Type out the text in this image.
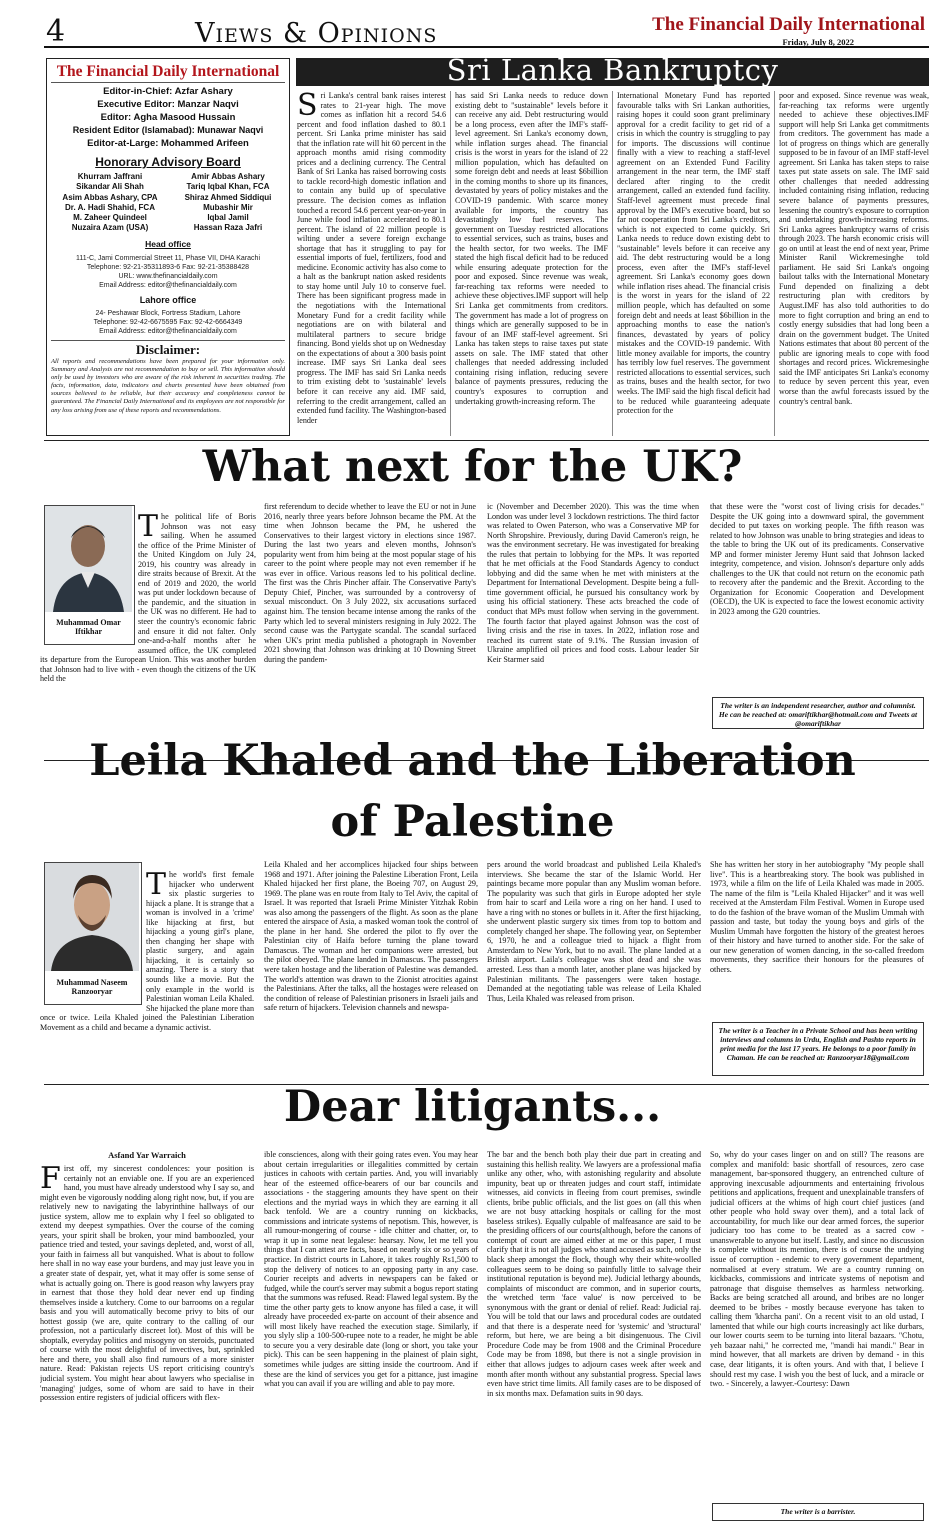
4	Views & Opinions	The Financial Daily International
Friday, July 8, 2022
The Financial Daily International
Editor-in-Chief: Azfar Ashary
Executive Editor: Manzar Naqvi
Editor: Agha Masood Hussain
Resident Editor (Islamabad): Munawar Naqvi
Editor-at-Large: Mohammed Arifeen
Honorary Advisory Board
Khurram Jaffrani
Sikandar Ali Shah
Asim Abbas Ashary, CPA
Dr. A. Hadi Shahid, FCA
M. Zaheer Quindeel
Nuzaira Azam (USA)
Amir Abbas Ashary
Tariq Iqbal Khan, FCA
Shiraz Ahmed Siddiqui
Mubashir Mir
Iqbal Jamil
Hassan Raza Jafri
Head office
111-C, Jami Commercial Street 11, Phase VII, DHA Karachi
Telephone: 92-21-35311893-6 Fax: 92-21-35388428
URL: www.thefinancialdaily.com
Email Address: editor@thefinancialdaily.com
Lahore office
24- Peshawar Block, Fortress Stadium, Lahore
Telephone: 92-42-6675595 Fax: 92-42-6664349
Email Address: editor@thefinancialdaily.com
Disclaimer:
All reports and recommendations have been prepared for your information only. Summary and Analysis are not recommendation to buy or sell. This information should only be used by investors who are aware of the risk inherent in securities trading. The facts, information, data, indicators and charts presented have been obtained from sources believed to be reliable, but their accuracy and completeness cannot be guaranteed. The Financial Daily International and its employees are not responsible for any loss arising from use of these reports and recommendations.
Sri Lanka Bankruptcy
Sri Lanka's central bank raises interest rates to 21-year high. The move comes as inflation hit a record 54.6 percent and food inflation dashed to 80.1 percent. Sri Lanka prime minister has said that the inflation rate will hit 60 percent in the approach months amid rising commodity prices and a declining currency. The Central Bank of Sri Lanka has raised borrowing costs to tackle record-high domestic inflation and to contain any build up of speculative pressure. The decision comes as inflation touched a record 54.6 percent year-on-year in June while food inflation accelerated to 80.1 percent. The island of 22 million people is wilting under a severe foreign exchange shortage that has it struggling to pay for essential imports of fuel, fertilizers, food and medicine. Economic activity has also come to a halt as the bankrupt nation asked residents to stay home until July 10 to conserve fuel. There has been significant progress made in the negotiations with the International Monetary Fund for a credit facility while negotiations are on with bilateral and multilateral partners to secure bridge financing. Bond yields shot up on Wednesday on the expectations of about a 300 basis point increase. IMF says Sri Lanka deal sees progress. The IMF has said Sri Lanka needs to trim existing debt to 'sustainable' levels before it can receive any aid. IMF said, referring to the credit arrangement, called an extended fund facility. The Washington-based lender
has said Sri Lanka needs to reduce down existing debt to "sustainable" levels before it can receive any aid. Debt restructuring would be a long process, even after the IMF's staff-level agreement. Sri Lanka's economy down, while inflation surges ahead. The financial crisis is the worst in years for the island of 22 million population, which has defaulted on some foreign debt and needs at least $6billion in the coming months to shore up its finances, devastated by years of policy mistakes and the COVID-19 pandemic. With scarce money available for imports, the country has devastatingly low fuel reserves. The government on Tuesday restricted allocations to essential services, such as trains, buses and the health sector, for two weeks. The IMF stated the high fiscal deficit had to be reduced while ensuring adequate protection for the poor and exposed. Since revenue was weak, far-reaching tax reforms were needed to achieve these objectives.IMF support will help Sri Lanka get commitments from creditors. The government has made a lot of progress on things which are generally supposed to be in favour of an IMF staff-level agreement. Sri Lanka has taken steps to raise taxes put state assets on sale. The IMF stated that other challenges that needed addressing included containing rising inflation, reducing severe balance of payments pressures, reducing the country's exposures to corruption and undertaking growth-increasing reform. The
International Monetary Fund has reported favourable talks with Sri Lankan authorities, raising hopes it could soon grant preliminary approval for a credit facility to get rid of a crisis in which the country is struggling to pay for imports. The discussions will continue finally with a view to reaching a staff-level agreement on an Extended Fund Facility arrangement in the near term, the IMF staff declared after ringing to the credit arrangement, called an extended fund facility. Staff-level agreement must precede final approval by the IMF's executive board, but so far not cooperation from Sri Lanka's creditors, which is not expected to come quickly. Sri Lanka needs to reduce down existing debt to "sustainable" levels before it can receive any aid. The debt restructuring would be a long process, even after the IMF's staff-level agreement. Sri Lanka's economy goes down while inflation rises ahead. The financial crisis is the worst in years for the island of 22 million people, which has defaulted on some foreign debt and needs at least $6billion in the approaching months to ease the nation's finances, devastated by years of policy mistakes and the COVID-19 pandemic. With little money available for imports, the country has terribly low fuel reserves. The government restricted allocations to essential services, such as trains, buses and the health sector, for two weeks. The IMF said the high fiscal deficit had to be reduced while guaranteeing adequate protection for the
poor and exposed. Since revenue was weak, far-reaching tax reforms were urgently needed to achieve these objectives.IMF support will help Sri Lanka get commitments from creditors. The government has made a lot of progress on things which are generally supposed to be in favour of an IMF staff-level agreement. Sri Lanka has taken steps to raise taxes put state assets on sale. The IMF said other challenges that needed addressing included containing rising inflation, reducing severe balance of payments pressures, lessening the country's exposure to corruption and undertaking growth-increasing reforms. Sri Lanka agrees bankruptcy warns of crisis through 2023. The harsh economic crisis will go on until at least the end of next year, Prime Minister Ranil Wickremesinghe told parliament. He said Sri Lanka's ongoing bailout talks with the International Monetary Fund depended on finalizing a debt restructuring plan with creditors by August.IMF has also told authorities to do more to fight corruption and bring an end to costly energy subsidies that had long been a drain on the government budget. The United Nations estimates that about 80 percent of the public are ignoring meals to cope with food shortages and record prices. Wickremesinghe said the IMF anticipates Sri Lanka's economy to reduce by seven percent this year, even worse than the awful forecasts issued by the country's central bank.
What next for the UK?
Muhammad Omar Iftikhar
The political life of Boris Johnson was not easy sailing. When he assumed the office of the Prime Minister of the United Kingdom on July 24, 2019, his country was already in dire straits because of Brexit. At the end of 2019 and 2020, the world was put under lockdown because of the pandemic, and the situation in the UK was no different. He had to steer the country's economic fabric and ensure it did not falter. Only one-and-a-half months after he assumed office, the UK completed its departure from the European Union. This was another burden that Johnson had to live with - even though the citizens of the UK held the
first referendum to decide whether to leave the EU or not in June 2016, nearly three years before Johnson became the PM. At the time when Johnson became the PM, he ushered the Conservatives to their largest victory in elections since 1987. During the last two years and eleven months, Johnson's popularity went from him being at the most popular stage of his career to the point where people may not even remember if he was ever in office. Various reasons led to his political decline. The first was the Chris Pincher affair. The Conservative Party's Deputy Chief, Pincher, was surrounded by a controversy of sexual misconduct. On 3 July 2022, six accusations surfaced against him. The tension became intense among the ranks of the Party which led to several ministers resigning in July 2022. The second cause was the Partygate scandal. The scandal surfaced when UK's print media published a photograph in November 2021 showing that Johnson was drinking at 10 Downing Street during the pandem-
ic (November and December 2020). This was the time when London was under level 3 lockdown restrictions. The third factor was related to Owen Paterson, who was a Conservative MP for North Shropshire. Previously, during David Cameron's reign, he was the environment secretary. He was investigated for breaking the rules that pertain to lobbying for the MPs. It was reported that he met officials at the Food Standards Agency to conduct lobbying and did the same when he met with ministers at the Department for International Development. Despite being a full-time government official, he pursued his consultancy work by using his official stationery. These acts breached the code of conduct that MPs must follow when serving in the government. The fourth factor that played against Johnson was the cost of living crisis and the rise in taxes. In 2022, inflation rose and reached its current state of 9.1%. The Russian invasion of Ukraine amplified oil prices and food costs. Labour leader Sir Keir Starmer said
that these were the "worst cost of living crisis for decades." Despite the UK going into a downward spiral, the government decided to put taxes on working people. The fifth reason was related to how Johnson was unable to bring strategies and ideas to the table to bring the UK out of its predicaments. Conservative MP and former minister Jeremy Hunt said that Johnson lacked integrity, competence, and vision. Johnson's departure only adds challenges to the UK that could not return on the economic path to recovery after the pandemic and the Brexit. According to the Organization for Economic Cooperation and Development (OECD), the UK is expected to face the lowest economic activity in 2023 among the G20 countries.
The writer is an independent researcher, author and columnist. He can be reached at: omariftikhar@hotmail.com and Tweets at @omariftikhar
Leila Khaled and the Liberation
of Palestine
Muhammad Naseem Ranzooryar
The world's first female hijacker who underwent six plastic surgeries to hijack a plane. It is strange that a woman is involved in a 'crime' like hijacking at first, but hijacking a young girl's plane, then changing her shape with plastic surgery, and again hijacking, it is certainly so amazing. There is a story that sounds like a movie. But the only example in the world is Palestinian woman Leila Khaled. She hijacked the plane more than once or twice. Leila Khaled joined the Palestinian Liberation Movement as a child and became a dynamic activist.
Leila Khaled and her accomplices hijacked four ships between 1968 and 1971. After joining the Palestine Liberation Front, Leila Khaled hijacked her first plane, the Boeing 707, on August 29, 1969. The plane was en route from Italy to Tel Aviv, the capital of Israel. It was reported that Israeli Prime Minister Yitzhak Robin was also among the passengers of the flight. As soon as the plane entered the airspace of Asia, a masked woman took the control of the plane in her hand. She ordered the pilot to fly over the Palestinian city of Haifa before turning the plane toward Damascus. The woman and her companions were arrested, but the pilot obeyed. The plane landed in Damascus. The passengers were taken hostage and the liberation of Palestine was demanded. The world's attention was drawn to the Zionist atrocities against the Palestinians. After the talks, all the hostages were released on the condition of release of Palestinian prisoners in Israeli jails and safe return of hijackers. Television channels and newspa-
pers around the world broadcast and published Leila Khaled's interviews. She became the star of the Islamic World. Her paintings became more popular than any Muslim woman before. The popularity was such that girls in Europe adopted her style from hair to scarf and Leila wore a ring on her hand. I used to have a ring with no stones or bullets in it. After the first hijacking, she underwent plastic surgery six times from top to bottom and completely changed her shape. The following year, on September 6, 1970, he and a colleague tried to hijack a flight from Amsterdam to New York, but to no avail. The plane landed at a British airport. Laila's colleague was shot dead and she was arrested. Less than a month later, another plane was hijacked by Palestinian militants. The passengers were taken hostage. Demanded at the negotiating table was release of Leila Khaled Thus, Leila Khaled was released from prison.
She has written her story in her autobiography "My people shall live". This is a heartbreaking story. The book was published in 1973, while a film on the life of Leila Khaled was made in 2005. The name of the film is "Leila Khaled Hijacker" and it was well received at the Amsterdam Film Festival. Women in Europe used to do the fashion of the brave woman of the Muslim Ummah with passion and taste, but today the young boys and girls of the Muslim Ummah have forgotten the history of the greatest heroes of their history and have turned to another side. For the sake of our new generation of women dancing, in the so-called freedom movements, they sacrifice their honours for the pleasures of others.
The writer is a Teacher in a Private School and has been writing interviews and columns in Urdu, English and Pashto reports in print media for the last 17 years. He belongs to a poor family in Chaman. He can be reached at: Ranzooryar18@gmail.com
Dear litigants...
Asfand Yar Warraich
First off, my sincerest condolences: your position is certainly not an enviable one. If you are an experienced hand, you must have already understood why I say so, and might even be vigorously nodding along right now, but, if you are relatively new to navigating the labyrinthine hallways of our justice system, allow me to explain why I feel so obligated to extend my deepest sympathies. Over the course of the coming years, your spirit shall be broken, your mind bamboozled, your patience tried and tested, your savings depleted, and, worst of all, your faith in fairness all but vanquished. What is about to follow here shall in no way ease your burdens, and may just leave you in a greater state of despair, yet, what it may offer is some sense of what is actually going on. There is good reason why lawyers pray in earnest that those they hold dear never end up finding themselves inside a kutchery. Come to our barrooms on a regular basis and you will automatically become privy to bits of our hottest gossip (we are, quite contrary to the calling of our profession, not a particularly discreet lot). Most of this will be shoptalk, everyday politics and misogyny on steroids, punctuated of course with the most delightful of invectives, but, sprinkled here and there, you shall also find rumours of a more sinister nature. Read: Pakistan rejects US report criticising country's judicial system. You might hear about lawyers who specialise in 'managing' judges, some of whom are said to have in their possession entire registers of judicial officers with flex-
ible consciences, along with their going rates even. You may hear about certain irregularities or illegalities committed by certain justices in cahoots with certain parties. And, you will invariably hear of the esteemed office-bearers of our bar councils and associations - the staggering amounts they have spent on their elections and the myriad ways in which they are earning it all back tenfold. We are a country running on kickbacks, commissions and intricate systems of nepotism. This, however, is all rumour-mongering of course - idle chitter and chatter, or, to wrap it up in some neat legalese: hearsay. Now, let me tell you things that I can attest are facts, based on nearly six or so years of practice. In district courts in Lahore, it takes roughly Rs1,500 to stop the delivery of notices to an opposing party in any case. Courier receipts and adverts in newspapers can be faked or fudged, while the court's server may submit a bogus report stating that the summons was refused. Read: Flawed legal system. By the time the other party gets to know anyone has filed a case, it will already have proceeded ex-parte on account of their absence and will most likely have reached the execution stage. Similarly, if you slyly slip a 100-500-rupee note to a reader, he might be able to secure you a very desirable date (long or short, you take your pick). This can be seen happening in the plainest of plain sight, sometimes while judges are sitting inside the courtroom. And if these are the kind of services you get for a pittance, just imagine what you can avail if you are willing and able to pay more.
The bar and the bench both play their due part in creating and sustaining this hellish reality. We lawyers are a professional mafia unlike any other, who, with astonishing regularity and absolute impunity, beat up or threaten judges and court staff, intimidate witnesses, aid convicts in fleeing from court premises, swindle clients, bribe public officials, and the list goes on (all this when we are not busy attacking hospitals or calling for the most baseless strikes). Equally culpable of malfeasance are said to be the presiding officers of our courts(although, before the canons of contempt of court are aimed either at me or this paper, I must clarify that it is not all judges who stand accused as such, only the black sheep amongst the flock, though why their white-woolled colleagues seem to be doing so painfully little to salvage their institutional reputation is beyond me). Judicial lethargy abounds, complaints of misconduct are common, and in superior courts, the wretched term 'face value' is now perceived to be synonymous with the grant or denial of relief. Read: Judicial raj. You will be told that our laws and procedural codes are outdated and that there is a desperate need for 'systemic' and 'structural' reform, but here, we are being a bit disingenuous. The Civil Procedure Code may be from 1908 and the Criminal Procedure Code may be from 1898, but there is not a single provision in either that allows judges to adjourn cases week after week and month after month without any substantial progress. Special laws even have strict time limits. All family cases are to be disposed of in six months max. Defamation suits in 90 days.
So, why do your cases linger on and on still? The reasons are complex and manifold: basic shortfall of resources, zero case management, bar-sponsored thuggery, an entrenched culture of approving inexcusable adjournments and entertaining frivolous petitions and applications, frequent and unexplainable transfers of judicial officers at the whims of high court chief justices (and other people who hold sway over them), and a total lack of accountability, for much like our dear armed forces, the superior judiciary too has come to be treated as a sacred cow - unanswerable to anyone but itself. Lastly, and since no discussion is complete without its mention, there is of course the undying issue of corruption - endemic to every government department, normalised at every stratum. We are a country running on kickbacks, commissions and intricate systems of nepotism and patronage that disguise themselves as harmless networking. Backs are being scratched all around, and bribes are no longer deemed to be bribes - mostly because everyone has taken to calling them 'kharcha pani'. On a recent visit to an old ustad, I lamented that while our high courts increasingly act like durbars, our lower courts seem to be turning into literal bazaars. "Chotu, yeh bazaar nahi," he corrected me, "mandi hai mandi." Bear in mind however, that all markets are driven by demand - in this case, dear litigants, it is often yours. And with that, I believe I should rest my case. I wish you the best of luck, and a miracle or two. - Sincerely, a lawyer.-Courtesy: Dawn
The writer is a barrister.
